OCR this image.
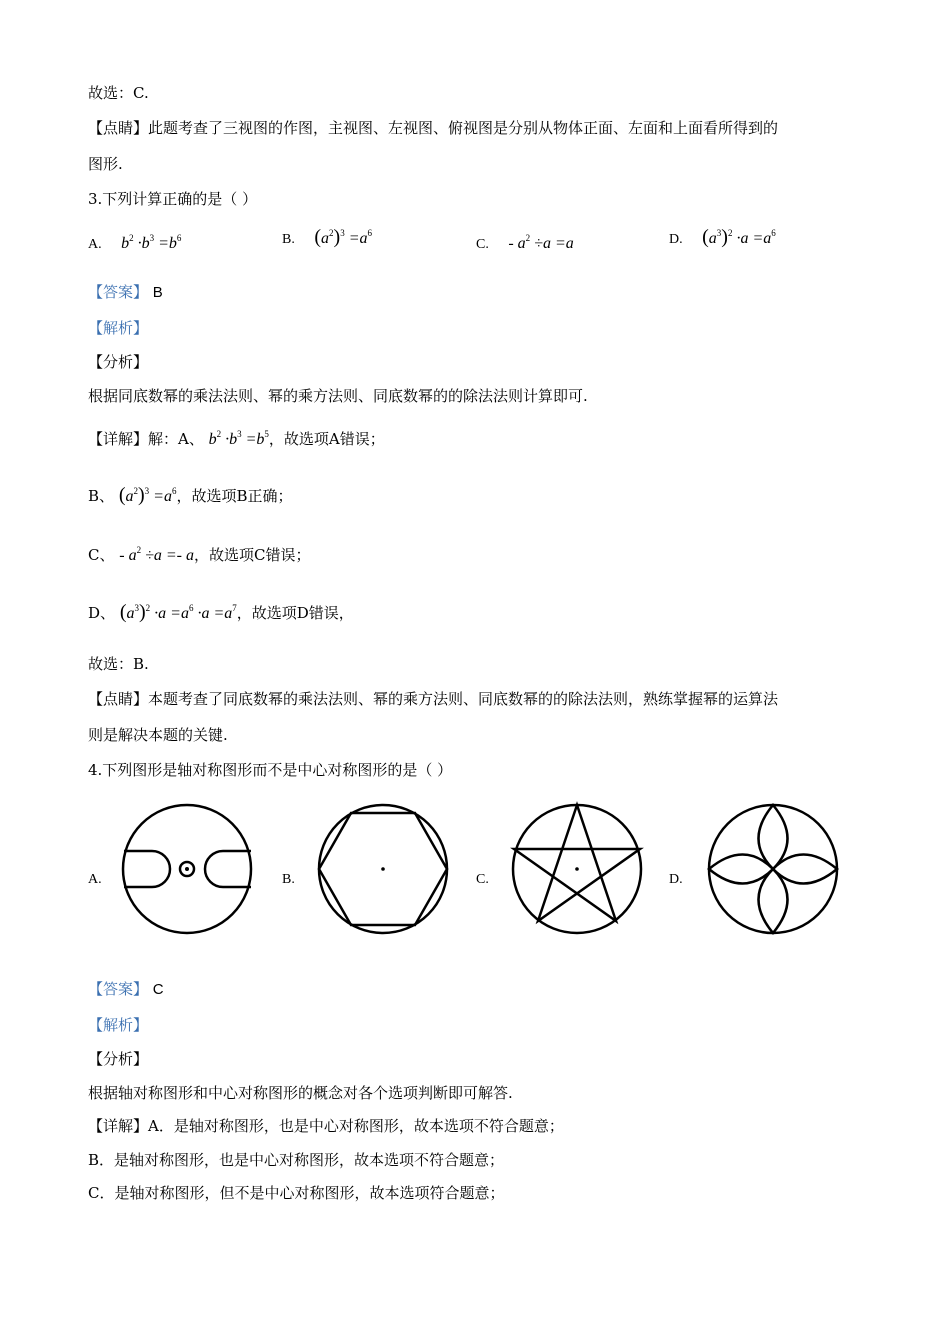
故选：C.
【点睛】此题考查了三视图的作图，主视图、左视图、俯视图是分别从物体正面、左面和上面看所得到的
图形.
3.下列计算正确的是（ ）
A. $b^2 \cdot b^3 =b^6$	B. $(a^2)^3 =a^6$
C. - $a^2 \div a =a$	D. $(a^3)^2 \cdot a =a^6$
【答案】 B
【解析】
【分析】
根据同底数幂的乘法法则、幂的乘方法则、同底数幂的的除法法则计算即可.
【详解】解：A、 $b^2 \cdot b^3 =b^5$，故选项A错误；
B、 $(a^2)^3 =a^6$，故选项B正确；
C、 - $a^2 \div a =- a$，故选项C错误；
D、 $(a^3)^2 \cdot a =a^6 \cdot a =a^7$，故选项D错误，
故选：B.
【点睛】本题考查了同底数幂的乘法法则、幂的乘方法则、同底数幂的的除法法则，熟练掌握幂的运算法
则是解决本题的关键.
4.下列图形是轴对称图形而不是中心对称图形的是（ ）
A.	B.	C.	D.
【答案】 C
【解析】
【分析】
根据轴对称图形和中心对称图形的概念对各个选项判断即可解答.
【详解】A．是轴对称图形，也是中心对称图形，故本选项不符合题意；
B．是轴对称图形，也是中心对称图形，故本选项不符合题意；
C．是轴对称图形，但不是中心对称图形，故本选项符合题意；
